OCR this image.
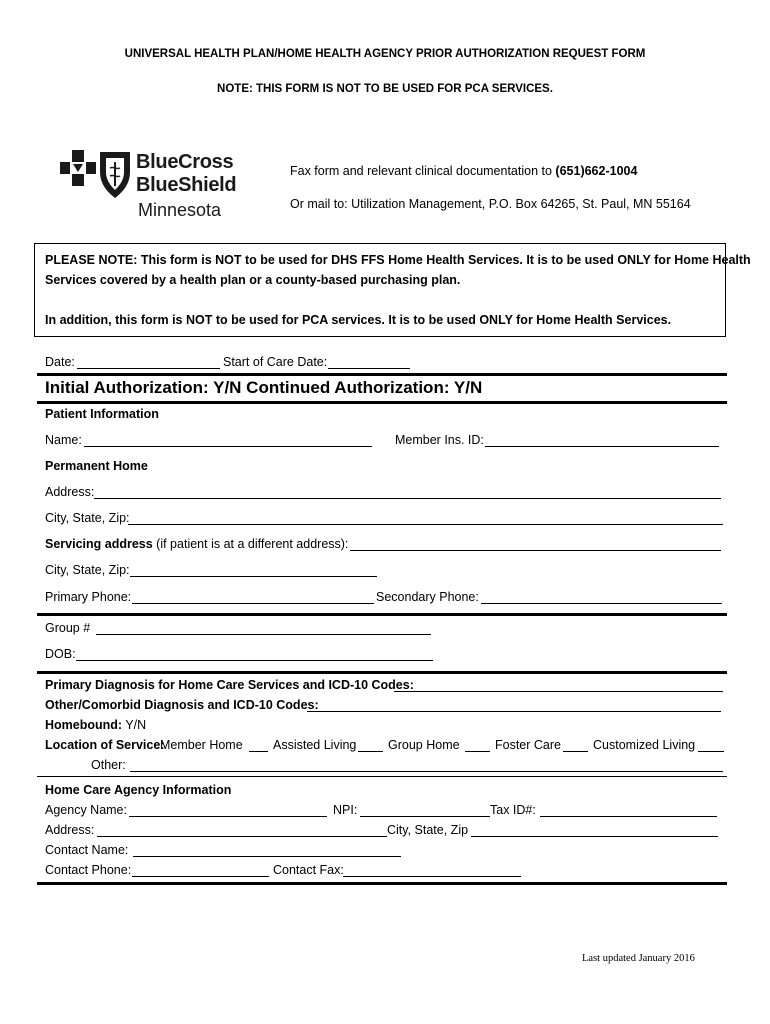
UNIVERSAL HEALTH PLAN/HOME HEALTH AGENCY PRIOR AUTHORIZATION REQUEST FORM
NOTE: THIS FORM IS NOT TO BE USED FOR PCA SERVICES.
BlueCross
BlueShield
Minnesota
Fax form and relevant clinical documentation to (651)662-1004
Or mail to: Utilization Management, P.O. Box 64265, St. Paul, MN 55164
PLEASE NOTE: This form is NOT to be used for DHS FFS Home Health Services. It is to be used ONLY for Home Health
Services covered by a health plan or a county-based purchasing plan.
In addition, this form is NOT to be used for PCA services. It is to be used ONLY for Home Health Services.
Date:	Start of Care Date:
Initial Authorization: Y/N Continued Authorization: Y/N
Patient Information
Name:	Member Ins. ID:
Permanent Home
Address:
City, State, Zip:
Servicing address (if patient is at a different address):
City, State, Zip:
Primary Phone:	Secondary Phone:
Group #
DOB:
Primary Diagnosis for Home Care Services and ICD-10 Codes:
Other/Comorbid Diagnosis and ICD-10 Codes:
Homebound: Y/N
Location of Service:
Member Home Assisted Living	Group Home	Foster Care	Customized Living
Other:
Home Care Agency Information
Agency Name:	NPI:	Tax ID#:
Address:	City, State, Zip
Contact Name:
Contact Phone:	Contact Fax:
Last updated January 2016
